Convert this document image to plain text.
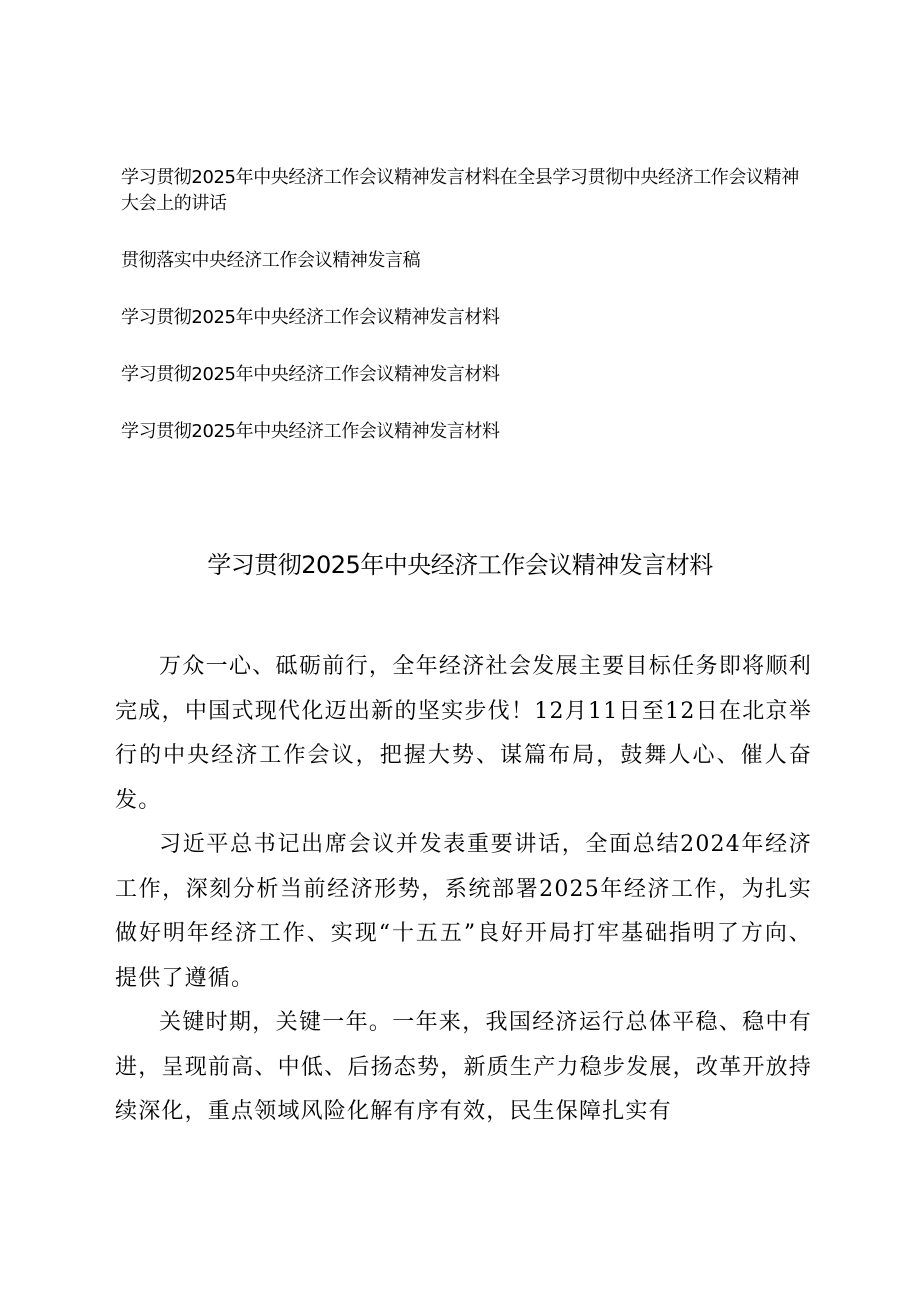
学习贯彻2025年中央经济工作会议精神发言材料在全县学习贯彻中央经济工作会议精神大会上的讲话

贯彻落实中央经济工作会议精神发言稿

学习贯彻2025年中央经济工作会议精神发言材料

学习贯彻2025年中央经济工作会议精神发言材料

学习贯彻2025年中央经济工作会议精神发言材料

学习贯彻2025年中央经济工作会议精神发言材料

万众一心、砥砺前行，全年经济社会发展主要目标任务即将顺利完成，中国式现代化迈出新的坚实步伐！12月11日至12日在北京举行的中央经济工作会议，把握大势、谋篇布局，鼓舞人心、催人奋发。

习近平总书记出席会议并发表重要讲话，全面总结2024年经济工作，深刻分析当前经济形势，系统部署2025年经济工作，为扎实做好明年经济工作、实现“十五五”良好开局打牢基础指明了方向、提供了遵循。

关键时期，关键一年。一年来，我国经济运行总体平稳、稳中有进，呈现前高、中低、后扬态势，新质生产力稳步发展，改革开放持续深化，重点领域风险化解有序有效，民生保障扎实有
